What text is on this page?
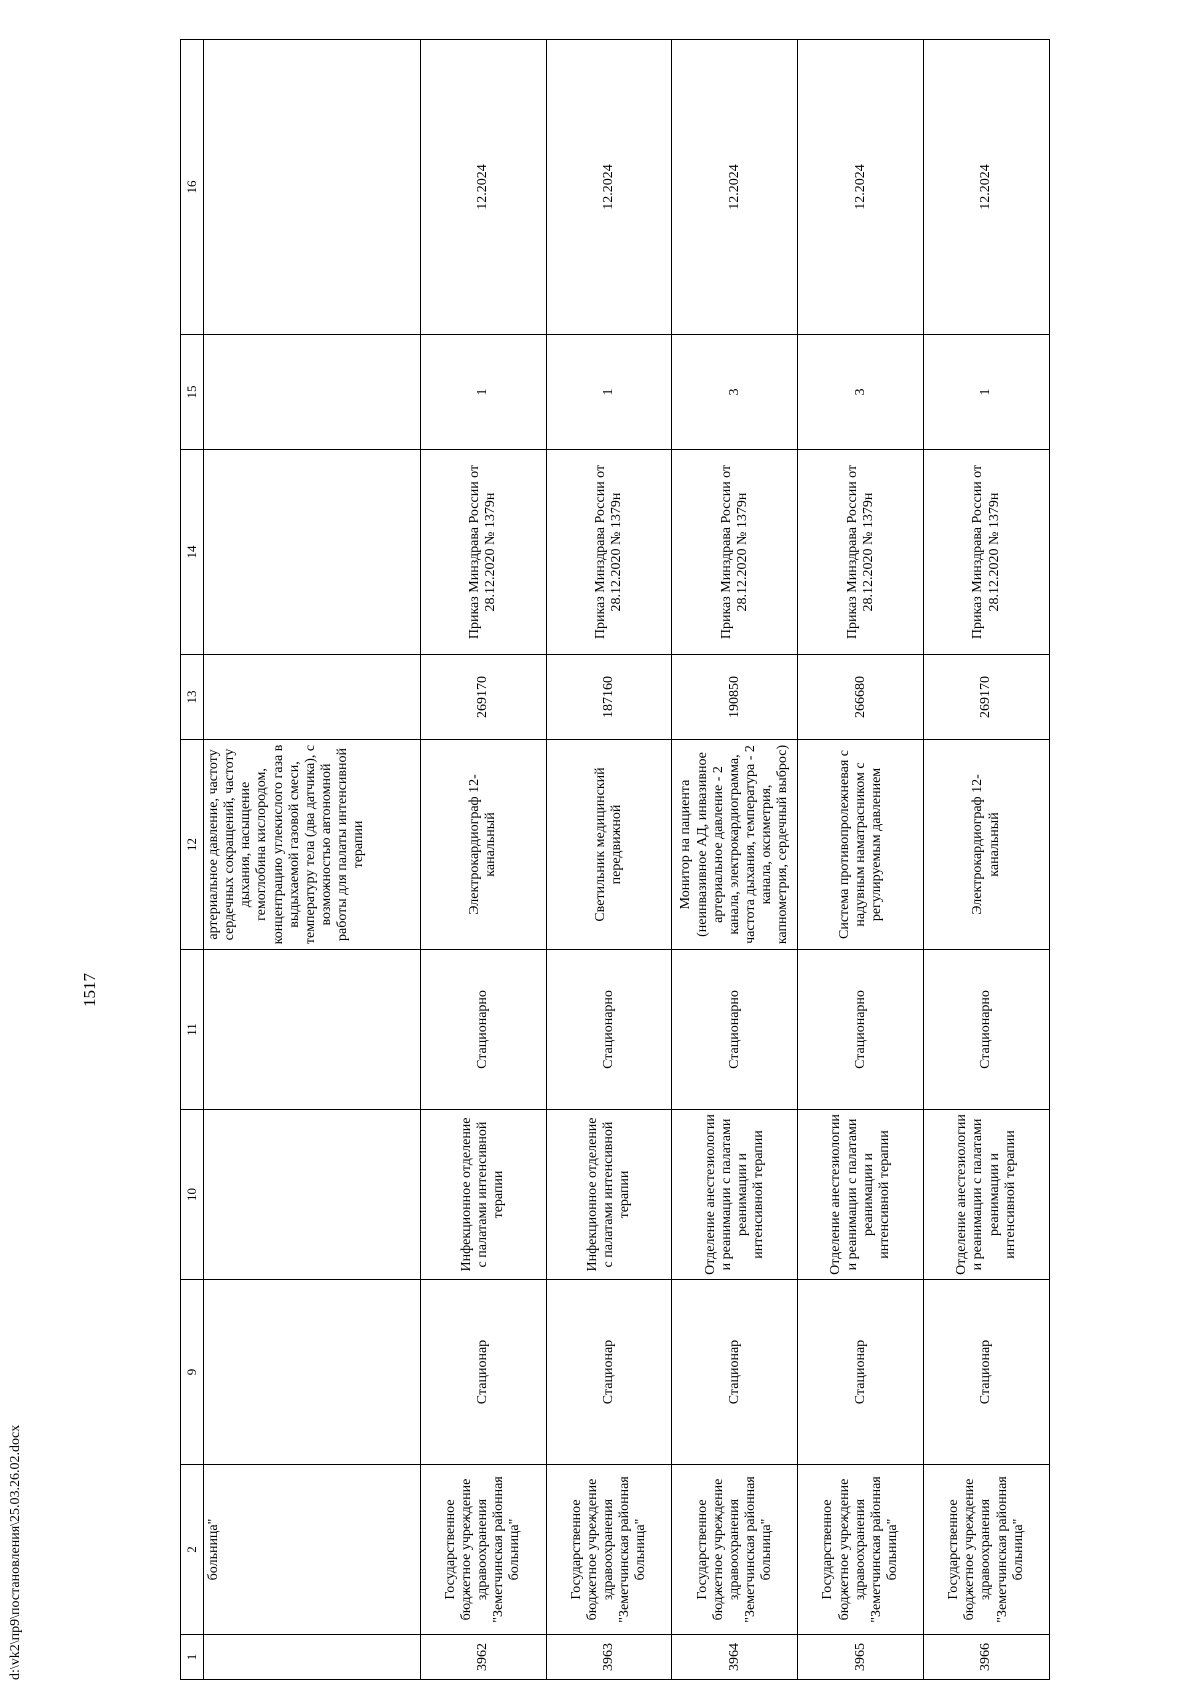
1517
1	2	9	10	11	12	13	14	15	16
	больница"				артериальное давление, частоту сердечных сокращений, частоту дыхания, насыщение гемоглобина кислородом, концентрацию углекислого газа в выдыхаемой газовой смеси, температуру тела (два датчика), с возможностью автономной работы для палаты интенсивной терапии				
3962	Государственное бюджетное учреждение здравоохранения "Земетчинская районная больница"	Стационар	Инфекционное отделение с палатами интенсивной терапии	Стационарно	Электрокардиограф 12-канальный	269170	Приказ Минздрава России от 28.12.2020 № 1379н	1	12.2024
3963	Государственное бюджетное учреждение здравоохранения "Земетчинская районная больница"	Стационар	Инфекционное отделение с палатами интенсивной терапии	Стационарно	Светильник медицинский передвижной	187160	Приказ Минздрава России от 28.12.2020 № 1379н	1	12.2024
3964	Государственное бюджетное учреждение здравоохранения "Земетчинская районная больница"	Стационар	Отделение анестезиологии и реанимации с палатами реанимации и интенсивной терапии	Стационарно	Монитор на пациента (неинвазивное АД, инвазивное артериальное давление - 2 канала, электрокардиограмма, частота дыхания, температура - 2 канала, оксиметрия, капнометрия, сердечный выброс)	190850	Приказ Минздрава России от 28.12.2020 № 1379н	3	12.2024
3965	Государственное бюджетное учреждение здравоохранения "Земетчинская районная больница"	Стационар	Отделение анестезиологии и реанимации с палатами реанимации и интенсивной терапии	Стационарно	Система противопролежневая с надувным наматрасником с регулируемым давлением	266680	Приказ Минздрава России от 28.12.2020 № 1379н	3	12.2024
3966	Государственное бюджетное учреждение здравоохранения "Земетчинская районная больница"	Стационар	Отделение анестезиологии и реанимации с палатами реанимации и интенсивной терапии	Стационарно	Электрокардиограф 12-канальный	269170	Приказ Минздрава России от 28.12.2020 № 1379н	1	12.2024
d:\vk2\пр9\постановления\25.03.26.02.docx
